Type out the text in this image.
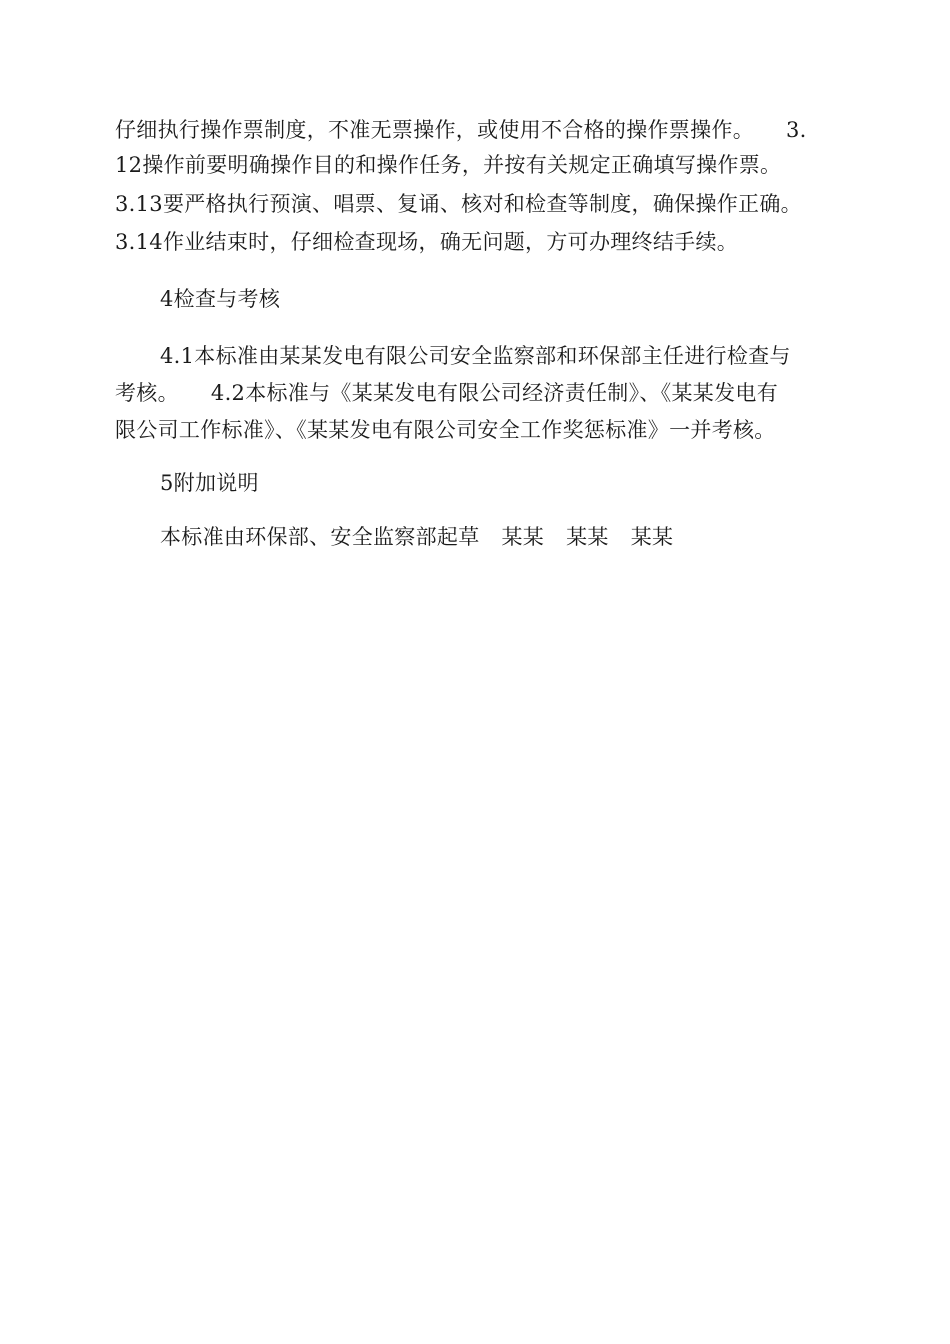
仔细执行操作票制度，不准无票操作，或使用不合格的操作票操作。 3.
12操作前要明确操作目的和操作任务，并按有关规定正确填写操作票。
3.13要严格执行预演、唱票、复诵、核对和检查等制度，确保操作正确。
3.14作业结束时，仔细检查现场，确无问题，方可办理终结手续。
4检查与考核
4.1本标准由某某发电有限公司安全监察部和环保部主任进行检查与
考核。 4.2本标准与《某某发电有限公司经济责任制》、《某某发电有
限公司工作标准》、《某某发电有限公司安全工作奖惩标准》一并考核。
5附加说明
本标准由环保部、安全监察部起草 某某 某某 某某
